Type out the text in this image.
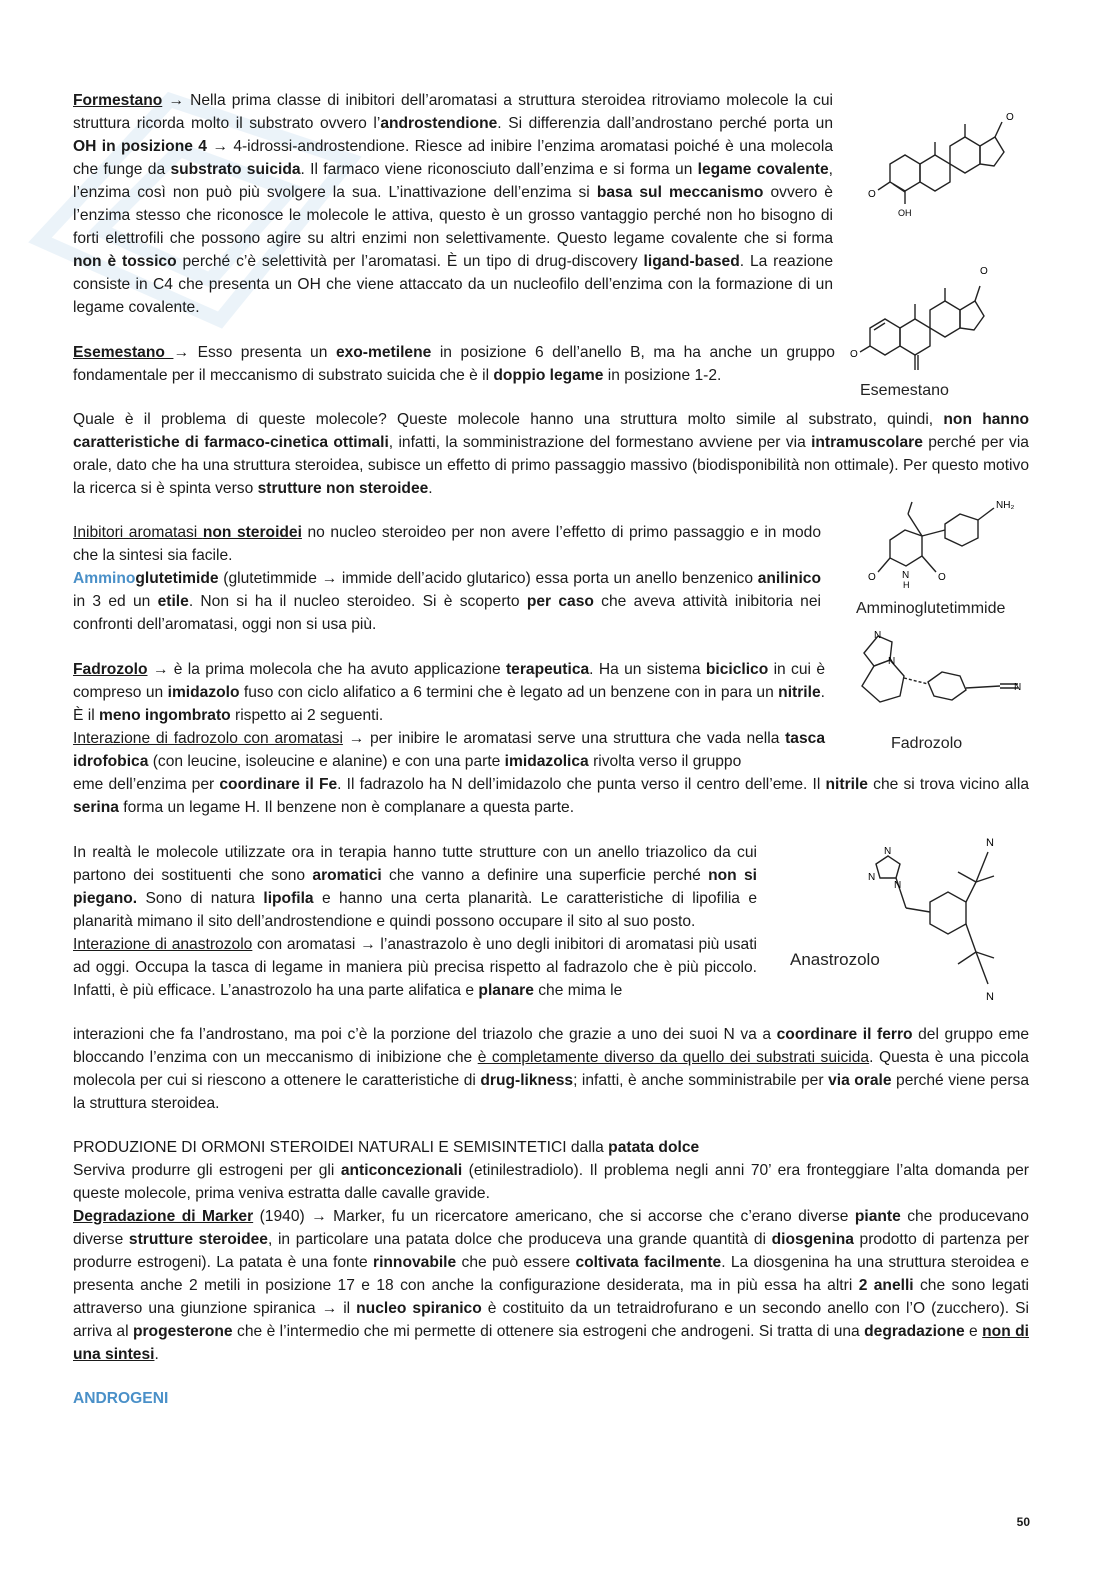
Formestano → Nella prima classe di inibitori dell’aromatasi a struttura steroidea ritroviamo molecole la cui struttura ricorda molto il substrato ovvero l’androstendione. Si differenzia dall’androstano perché porta un OH in posizione 4 → 4-idrossi-androstendione. Riesce ad inibire l’enzima aromatasi poiché è una molecola che funge da substrato suicida. Il farmaco viene riconosciuto dall’enzima e si forma un legame covalente, l’enzima così non può più svolgere la sua. L’inattivazione dell’enzima si basa sul meccanismo ovvero è l’enzima stesso che riconosce le molecole le attiva, questo è un grosso vantaggio perché non ho bisogno di forti elettrofili che possono agire su altri enzimi non selettivamente. Questo legame covalente che si forma non è tossico perché c’è selettività per l’aromatasi. È un tipo di drug-discovery ligand-based. La reazione consiste in C4 che presenta un OH che viene attaccato da un nucleofilo dell’enzima con la formazione di un legame covalente.
Esemestano → Esso presenta un exo-metilene in posizione 6 dell’anello B, ma ha anche un gruppo fondamentale per il meccanismo di substrato suicida che è il doppio legame in posizione 1-2.
Quale è il problema di queste molecole? Queste molecole hanno una struttura molto simile al substrato, quindi, non hanno caratteristiche di farmaco-cinetica ottimali, infatti, la somministrazione del formestano avviene per via intramuscolare perché per via orale, dato che ha una struttura steroidea, subisce un effetto di primo passaggio massivo (biodisponibilità non ottimale). Per questo motivo la ricerca si è spinta verso strutture non steroidee.
Inibitori aromatasi non steroidei no nucleo steroideo per non avere l’effetto di primo passaggio e in modo che la sintesi sia facile.
Amminoglutetimide (glutetimmide → immide dell’acido glutarico) essa porta un anello benzenico anilinico in 3 ed un etile. Non si ha il nucleo steroideo. Si è scoperto per caso che aveva attività inibitoria nei confronti dell’aromatasi, oggi non si usa più.
Fadrozolo → è la prima molecola che ha avuto applicazione terapeutica. Ha un sistema biciclico in cui è compreso un imidazolo fuso con ciclo alifatico a 6 termini che è legato ad un benzene con in para un nitrile. È il meno ingombrato rispetto ai 2 seguenti.
Interazione di fadrozolo con aromatasi → per inibire le aromatasi serve una struttura che vada nella tasca idrofobica (con leucine, isoleucine e alanine) e con una parte imidazolica rivolta verso il gruppo
eme dell’enzima per coordinare il Fe. Il fadrazolo ha N dell’imidazolo che punta verso il centro dell’eme. Il nitrile che si trova vicino alla serina forma un legame H. Il benzene non è complanare a questa parte.
In realtà le molecole utilizzate ora in terapia hanno tutte strutture con un anello triazolico da cui partono dei sostituenti che sono aromatici che vanno a definire una superficie perché non si piegano. Sono di natura lipofila e hanno una certa planarità. Le caratteristiche di lipofilia e planarità mimano il sito dell’androstendione e quindi possono occupare il sito al suo posto.
Interazione di anastrozolo con aromatasi → l’anastrazolo è uno degli inibitori di aromatasi più usati ad oggi. Occupa la tasca di legame in maniera più precisa rispetto al fadrazolo che è più piccolo. Infatti, è più efficace. L’anastrozolo ha una parte alifatica e planare che mima le
interazioni che fa l’androstano, ma poi c’è la porzione del triazolo che grazie a uno dei suoi N va a coordinare il ferro del gruppo eme bloccando l’enzima con un meccanismo di inibizione che è completamente diverso da quello dei substrati suicida. Questa è una piccola molecola per cui si riescono a ottenere le caratteristiche di drug-likness; infatti, è anche somministrabile per via orale perché viene persa la struttura steroidea.
PRODUZIONE DI ORMONI STEROIDEI NATURALI E SEMISINTETICI dalla patata dolce
Serviva produrre gli estrogeni per gli anticoncezionali (etinilestradiolo). Il problema negli anni 70’ era fronteggiare l’alta domanda per queste molecole, prima veniva estratta dalle cavalle gravide.
Degradazione di Marker (1940) → Marker, fu un ricercatore americano, che si accorse che c’erano diverse piante che producevano diverse strutture steroidee, in particolare una patata dolce che produceva una grande quantità di diosgenina prodotto di partenza per produrre estrogeni). La patata è una fonte rinnovabile che può essere coltivata facilmente. La diosgenina ha una struttura steroidea e presenta anche 2 metili in posizione 17 e 18 con anche la configurazione desiderata, ma in più essa ha altri 2 anelli che sono legati attraverso una giunzione spiranica → il nucleo spiranico è costituito da un tetraidrofurano e un secondo anello con l’O (zucchero). Si arriva al progesterone che è l’intermedio che mi permette di ottenere sia estrogeni che androgeni. Si tratta di una degradazione e non di una sintesi.
ANDROGENI
50
O
O
OH
O
O
Esemestano
NH₂
O	O
N
H
Amminoglutetimmide
N
N
N
Fadrozolo
N
N
N
N
N
Anastrozolo
